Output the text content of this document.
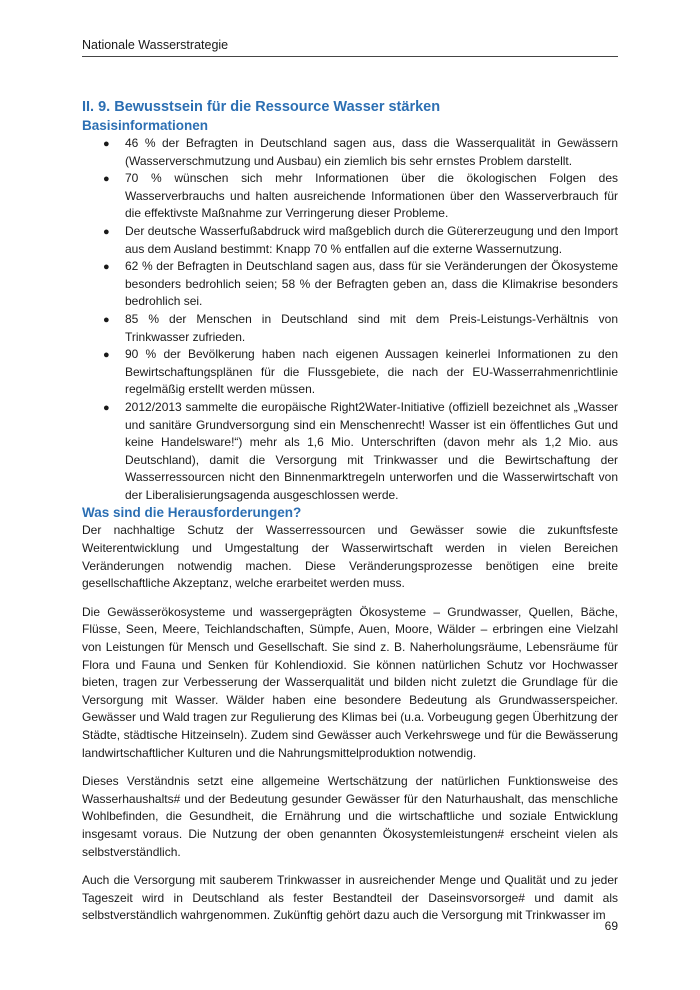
Nationale Wasserstrategie
II. 9. Bewusstsein für die Ressource Wasser stärken
Basisinformationen
● 46 % der Befragten in Deutschland sagen aus, dass die Wasserqualität in Gewässern (Wasserverschmutzung und Ausbau) ein ziemlich bis sehr ernstes Problem darstellt.
● 70 % wünschen sich mehr Informationen über die ökologischen Folgen des Wasserverbrauchs und halten ausreichende Informationen über den Wasserverbrauch für die effektivste Maßnahme zur Verringerung dieser Probleme.
● Der deutsche Wasserfußabdruck wird maßgeblich durch die Gütererzeugung und den Import aus dem Ausland bestimmt: Knapp 70 % entfallen auf die externe Wassernutzung.
● 62 % der Befragten in Deutschland sagen aus, dass für sie Veränderungen der Ökosysteme besonders bedrohlich seien; 58 % der Befragten geben an, dass die Klimakrise besonders bedrohlich sei.
● 85 % der Menschen in Deutschland sind mit dem Preis-Leistungs-Verhältnis von Trinkwasser zufrieden.
● 90 % der Bevölkerung haben nach eigenen Aussagen keinerlei Informationen zu den Bewirtschaftungsplänen für die Flussgebiete, die nach der EU-Wasserrahmenrichtlinie regelmäßig erstellt werden müssen.
● 2012/2013 sammelte die europäische Right2Water-Initiative (offiziell bezeichnet als „Wasser und sanitäre Grundversorgung sind ein Menschenrecht! Wasser ist ein öffentliches Gut und keine Handelsware!“) mehr als 1,6 Mio. Unterschriften (davon mehr als 1,2 Mio. aus Deutschland), damit die Versorgung mit Trinkwasser und die Bewirtschaftung der Wasserressourcen nicht den Binnenmarktregeln unterworfen und die Wasserwirtschaft von der Liberalisierungsagenda ausgeschlossen werde.
Was sind die Herausforderungen?

Der nachhaltige Schutz der Wasserressourcen und Gewässer sowie die zukunftsfeste Weiterentwicklung und Umgestaltung der Wasserwirtschaft werden in vielen Bereichen Veränderungen notwendig machen. Diese Veränderungsprozesse benötigen eine breite gesellschaftliche Akzeptanz, welche erarbeitet werden muss.

Die Gewässerökosysteme und wassergeprägten Ökosysteme – Grundwasser, Quellen, Bäche, Flüsse, Seen, Meere, Teichlandschaften, Sümpfe, Auen, Moore, Wälder – erbringen eine Vielzahl von Leistungen für Mensch und Gesellschaft. Sie sind z. B. Naherholungsräume, Lebensräume für Flora und Fauna und Senken für Kohlendioxid. Sie können natürlichen Schutz vor Hochwasser bieten, tragen zur Verbesserung der Wasserqualität und bilden nicht zuletzt die Grundlage für die Versorgung mit Wasser. Wälder haben eine besondere Bedeutung als Grundwasserspeicher. Gewässer und Wald tragen zur Regulierung des Klimas bei (u.a. Vorbeugung gegen Überhitzung der Städte, städtische Hitzeinseln). Zudem sind Gewässer auch Verkehrswege und für die Bewässerung landwirtschaftlicher Kulturen und die Nahrungsmittelproduktion notwendig.

Dieses Verständnis setzt eine allgemeine Wertschätzung der natürlichen Funktionsweise des Wasserhaushalts# und der Bedeutung gesunder Gewässer für den Naturhaushalt, das menschliche Wohlbefinden, die Gesundheit, die Ernährung und die wirtschaftliche und soziale Entwicklung insgesamt voraus. Die Nutzung der oben genannten Ökosystemleistungen# erscheint vielen als selbstverständlich.

Auch die Versorgung mit sauberem Trinkwasser in ausreichender Menge und Qualität und zu jeder Tageszeit wird in Deutschland als fester Bestandteil der Daseinsvorsorge# und damit als selbstverständlich wahrgenommen. Zukünftig gehört dazu auch die Versorgung mit Trinkwasser im

69
